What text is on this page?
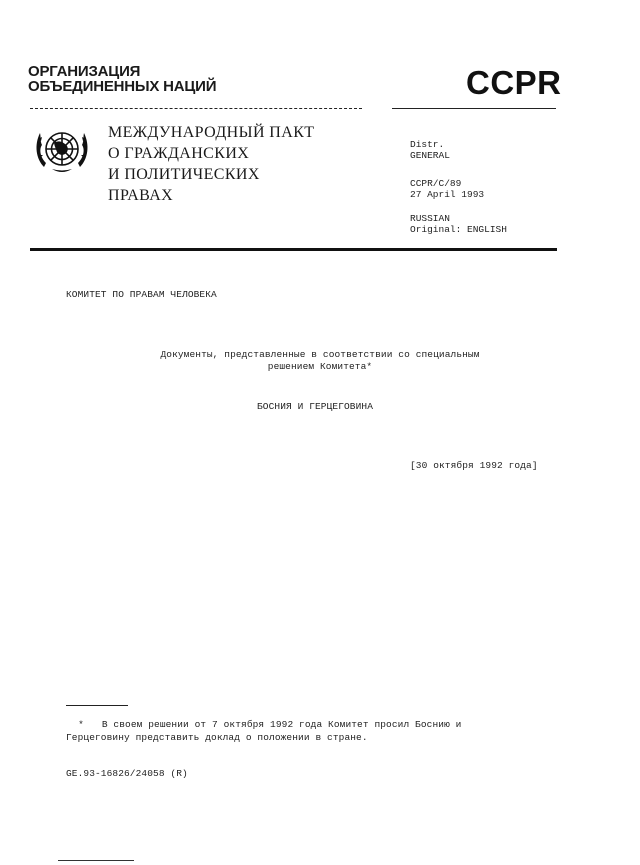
ОРГАНИЗАЦИЯ
ОБЪЕДИНЕННЫХ НАЦИЙ	CCPR
МЕЖДУНАРОДНЫЙ ПАКТ
О ГРАЖДАНСКИХ
И ПОЛИТИЧЕСКИХ
ПРАВАХ
Distr.
GENERAL
CCPR/C/89
27 April 1993
RUSSIAN
Original: ENGLISH
КОМИТЕТ ПО ПРАВАМ ЧЕЛОВЕКА
Документы, представленные в соответствии со специальным
решением Комитета*
БОСНИЯ И ГЕРЦЕГОВИНА
[30 октября 1992 года]
* В своем решении от 7 октября 1992 года Комитет просил Боснию и
Герцеговину представить доклад о положении в стране.
GE.93-16826/24058 (R)
